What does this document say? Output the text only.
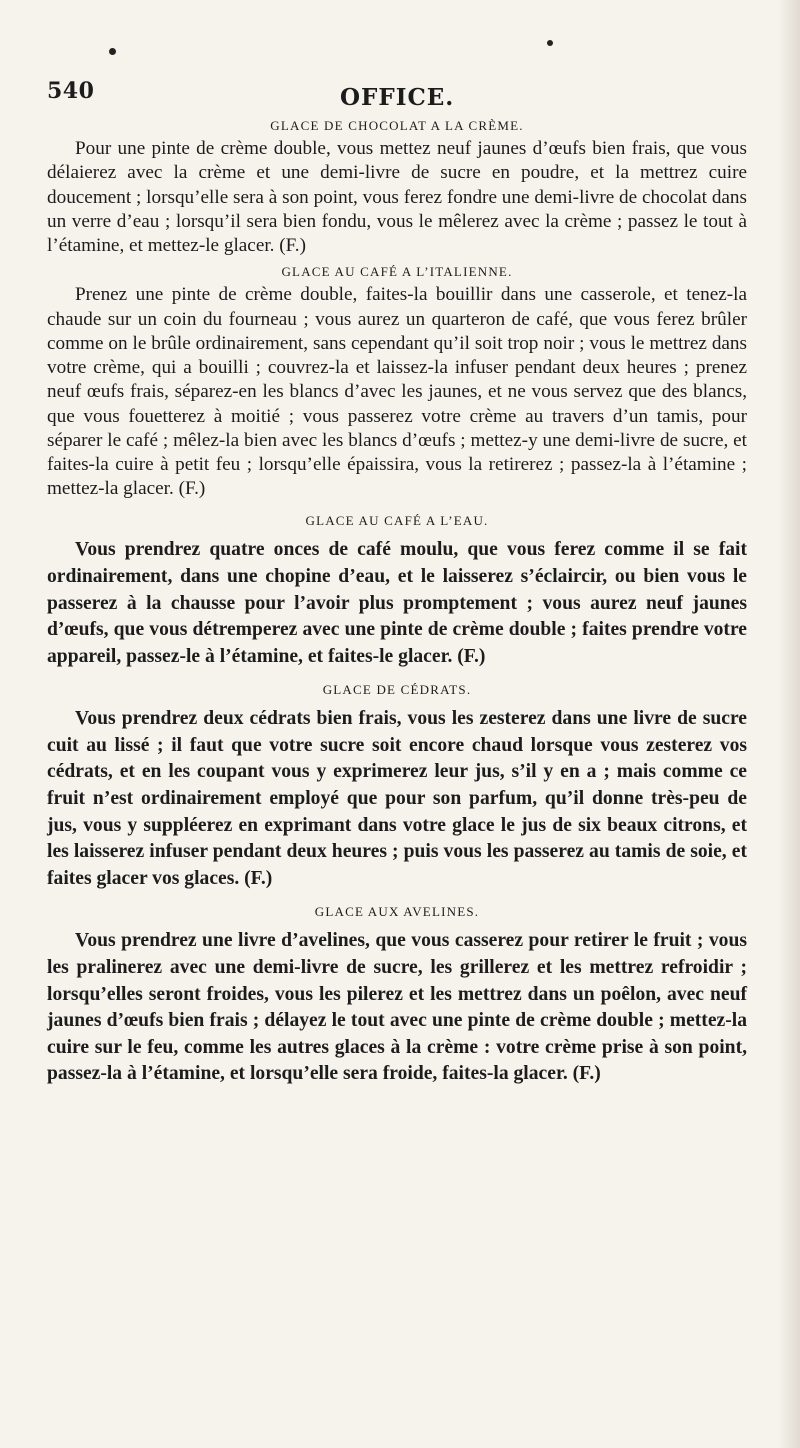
540	OFFICE.
GLACE DE CHOCOLAT A LA CRÈME.

Pour une pinte de crème double, vous mettez neuf jaunes d’œufs bien frais, que vous délaierez avec la crème et une demi-livre de sucre en poudre, et la mettrez cuire doucement ; lorsqu’elle sera à son point, vous ferez fondre une demi-livre de chocolat dans un verre d’eau ; lorsqu’il sera bien fondu, vous le mêlerez avec la crème ; passez le tout à l’étamine, et mettez-le glacer. (F.)

GLACE AU CAFÉ A L’ITALIENNE.

Prenez une pinte de crème double, faites-la bouillir dans une casserole, et tenez-la chaude sur un coin du fourneau ; vous aurez un quarteron de café, que vous ferez brûler comme on le brûle ordinairement, sans cependant qu’il soit trop noir ; vous le mettrez dans votre crème, qui a bouilli ; couvrez-la et laissez-la infuser pendant deux heures ; prenez neuf œufs frais, séparez-en les blancs d’avec les jaunes, et ne vous servez que des blancs, que vous fouetterez à moitié ; vous passerez votre crème au travers d’un tamis, pour séparer le café ; mêlez-la bien avec les blancs d’œufs ; mettez-y une demi-livre de sucre, et faites-la cuire à petit feu ; lorsqu’elle épaissira, vous la retirerez ; passez-la à l’étamine ; mettez-la glacer. (F.)

GLACE AU CAFÉ A L’EAU.

Vous prendrez quatre onces de café moulu, que vous ferez comme il se fait ordinairement, dans une chopine d’eau, et le laisserez s’éclaircir, ou bien vous le passerez à la chausse pour l’avoir plus promptement ; vous aurez neuf jaunes d’œufs, que vous détremperez avec une pinte de crème double ; faites prendre votre appareil, passez-le à l’étamine, et faites-le glacer. (F.)

GLACE DE CÉDRATS.

Vous prendrez deux cédrats bien frais, vous les zesterez dans une livre de sucre cuit au lissé ; il faut que votre sucre soit encore chaud lorsque vous zesterez vos cédrats, et en les coupant vous y exprimerez leur jus, s’il y en a ; mais comme ce fruit n’est ordinairement employé que pour son parfum, qu’il donne très-peu de jus, vous y suppléerez en exprimant dans votre glace le jus de six beaux citrons, et les laisserez infuser pendant deux heures ; puis vous les passerez au tamis de soie, et faites glacer vos glaces. (F.)

GLACE AUX AVELINES.

Vous prendrez une livre d’avelines, que vous casserez pour retirer le fruit ; vous les pralinerez avec une demi-livre de sucre, les grillerez et les mettrez refroidir ; lorsqu’elles seront froides, vous les pilerez et les mettrez dans un poêlon, avec neuf jaunes d’œufs bien frais ; délayez le tout avec une pinte de crème double ; mettez-la cuire sur le feu, comme les autres glaces à la crème : votre crème prise à son point, passez-la à l’étamine, et lorsqu’elle sera froide, faites-la glacer. (F.)
